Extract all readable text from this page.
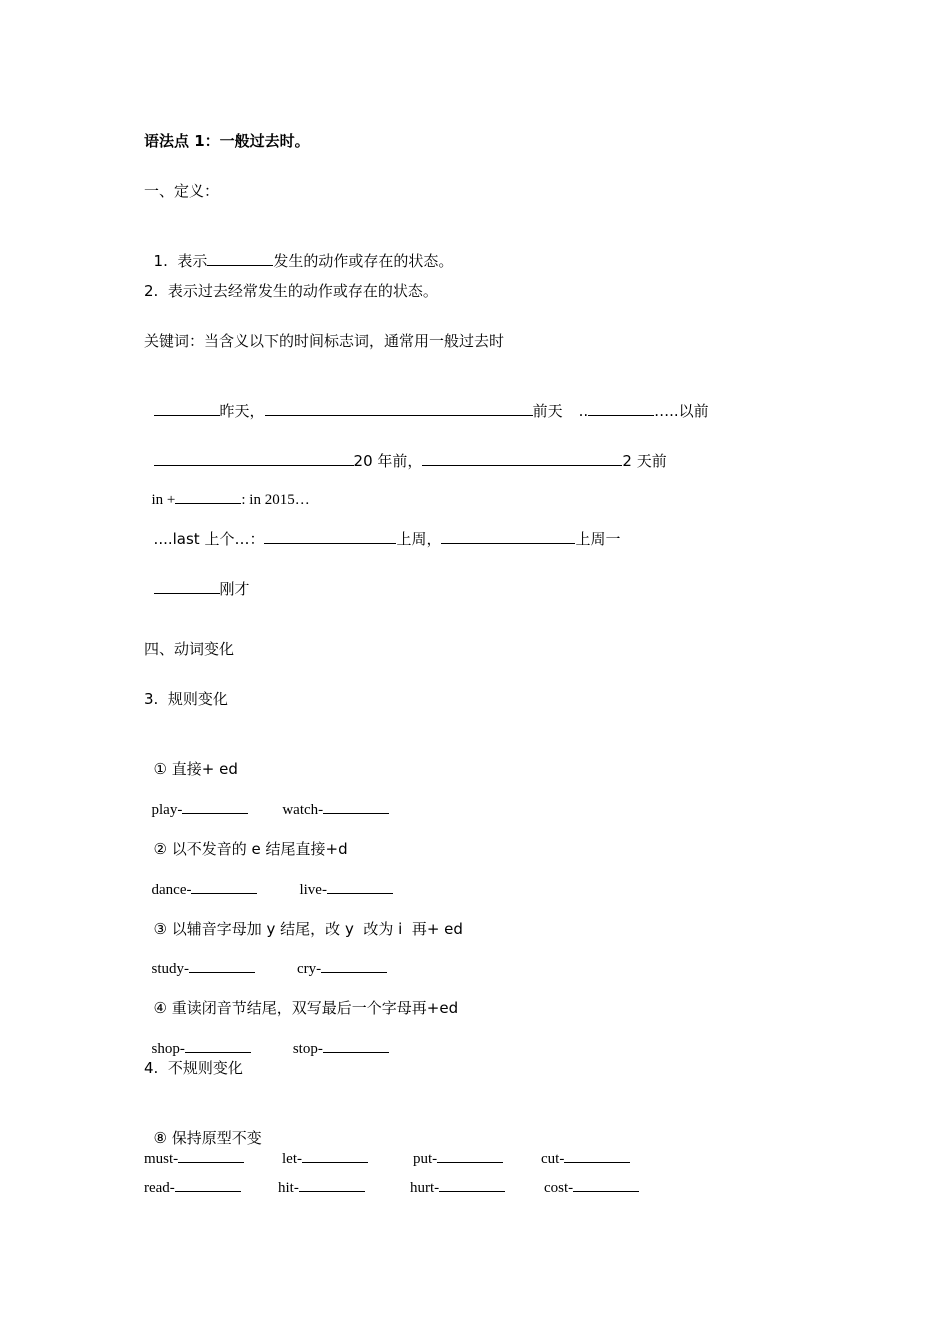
语法点 1：一般过去时。
一、定义：

1.  表示	发生的动作或存在的状态。

2.  表示过去经常发生的动作或存在的状态。
关键词：当含义以下的时间标志词，通常用一般过去时

昨天，	前天 ..	…..以前

20 年前，	2 天前

in +	: in 2015…

....last 上个…：	上周，	上周一

刚才

四、动词变化
3.  规则变化

① 直接+ ed

play-	watch-

② 以不发音的 e 结尾直接+d

dance-	live-

③ 以辅音字母加 y 结尾，改 y  改为 i  再+ ed

study-	cry-

④ 重读闭音节结尾，双写最后一个字母再+ed

shop-	stop-

4.  不规则变化

⑧ 保持原型不变

must-	let-	put-	cut-
read-	hit-	hurt-	cost-
